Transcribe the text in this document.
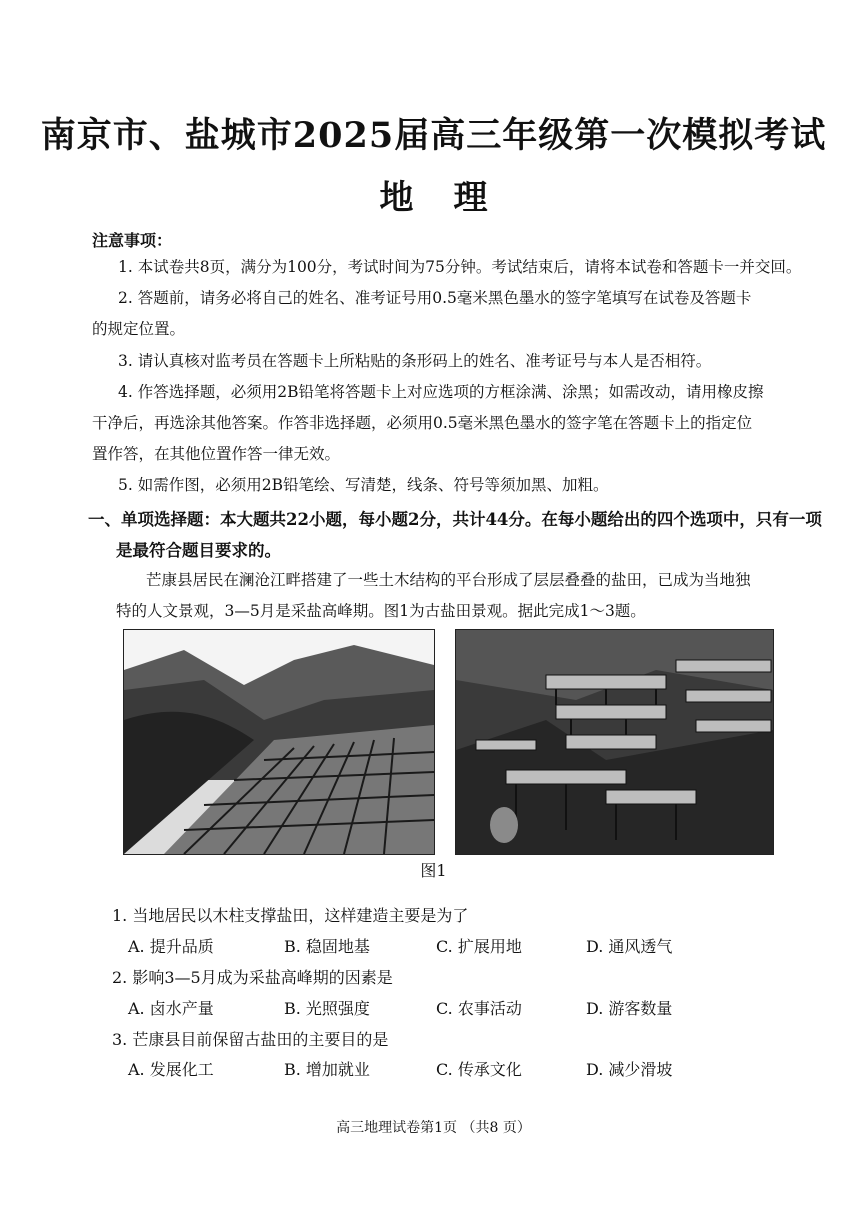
南京市、盐城市2025届高三年级第一次模拟考试
地理
注意事项：
1. 本试卷共8页，满分为100分，考试时间为75分钟。考试结束后，请将本试卷和答题卡一并交回。
2. 答题前，请务必将自己的姓名、准考证号用0.5毫米黑色墨水的签字笔填写在试卷及答题卡
的规定位置。
3. 请认真核对监考员在答题卡上所粘贴的条形码上的姓名、准考证号与本人是否相符。
4. 作答选择题，必须用2B铅笔将答题卡上对应选项的方框涂满、涂黑；如需改动，请用橡皮擦
干净后，再选涂其他答案。作答非选择题，必须用0.5毫米黑色墨水的签字笔在答题卡上的指定位
置作答，在其他位置作答一律无效。
5. 如需作图，必须用2B铅笔绘、写清楚，线条、符号等须加黑、加粗。
一、单项选择题：本大题共22小题，每小题2分，共计44分。在每小题给出的四个选项中，只有一项
是最符合题目要求的。
芒康县居民在澜沧江畔搭建了一些土木结构的平台形成了层层叠叠的盐田，已成为当地独
特的人文景观，3—5月是采盐高峰期。图1为古盐田景观。据此完成1～3题。
图1
1. 当地居民以木柱支撑盐田，这样建造主要是为了
A. 提升品质	B. 稳固地基	C. 扩展用地	D. 通风透气
2. 影响3—5月成为采盐高峰期的因素是
A. 卤水产量	B. 光照强度	C. 农事活动	D. 游客数量
3. 芒康县目前保留古盐田的主要目的是
A. 发展化工	B. 增加就业	C. 传承文化	D. 减少滑坡
高三地理试卷第1页 （共8 页）
